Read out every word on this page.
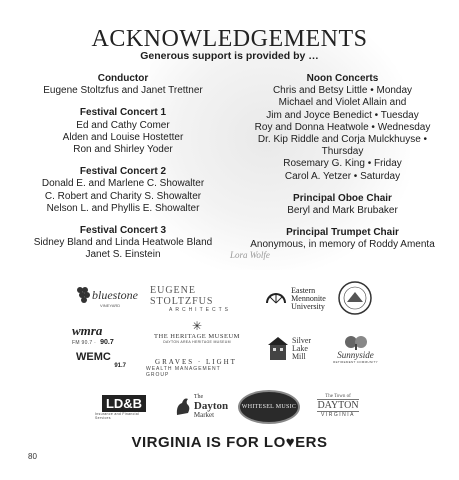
ACKNOWLEDGEMENTS
Generous support is provided by …
Conductor
Eugene Stoltzfus and Janet Trettner
Festival Concert 1
Ed and Cathy Comer
Alden and Louise Hostetter
Ron and Shirley Yoder
Festival Concert 2
Donald E. and Marlene C. Showalter
C. Robert and Charity S. Showalter
Nelson L. and Phyllis E. Showalter
Festival Concert 3
Sidney Bland and Linda Heatwole Bland
Janet S. Einstein
Noon Concerts
Chris and Betsy Little • Monday
Michael and Violet Allain and
Jim and Joyce Benedict • Tuesday
Roy and Donna Heatwole • Wednesday
Dr. Kip Riddle and Corja Mulckhuyse • Thursday
Rosemary G. King • Friday
Carol A. Yetzer • Saturday
Principal Oboe Chair
Beryl and Mark Brubaker
Principal Trumpet Chair
Anonymous, in memory of Roddy Amenta
Lora Wolfe
bluestone
VINEYARD
EUGENE STOLTZFUS
ARCHITECTS
Eastern
Mennonite
University
wmra
FM 90.7 · 90.7
✳
THE HERITAGE MUSEUM
DAYTON AREA HERITAGE MUSEUM	Silver
Lake
Mill	Sunnyside
RETIREMENT COMMUNITY
WEMC
91.7	GRAVES · LIGHT
WEALTH MANAGEMENT GROUP
LD&B
Insurance and Financial Services
The
Dayton
Market
WHITESEL MUSIC
The Town of
DAYTON
VIRGINIA
VIRGINIA IS FOR LO♥ERS
80
